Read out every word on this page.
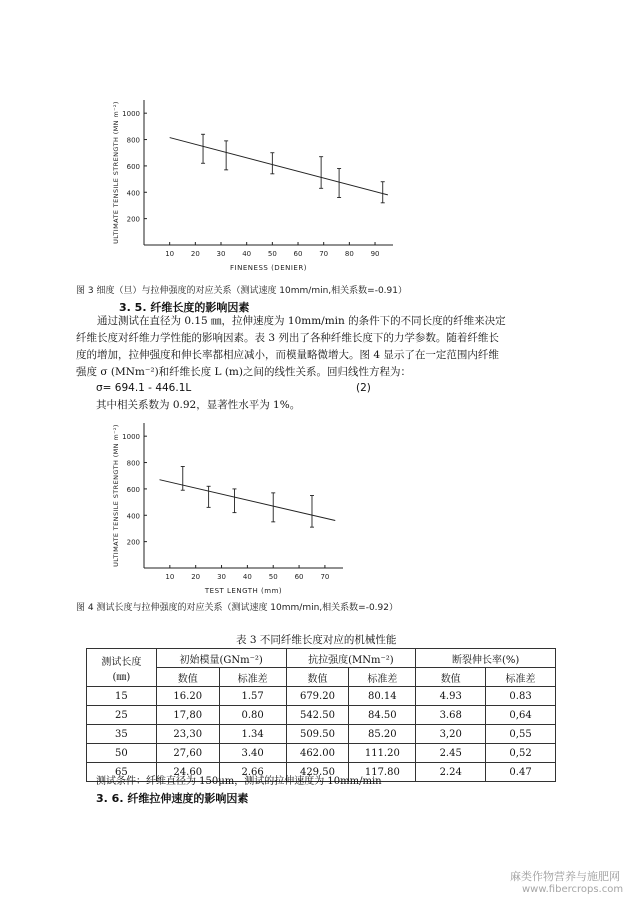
200
400
600
800
1000
10 20 30 40 50 60 70 80 90
FINENESS (DENIER)
ULTIMATE TENSILE STRENGTH (MN m⁻²)
图 3 细度（旦）与拉伸强度的对应关系（测试速度 10mm/min,相关系数=-0.91）
3. 5. 纤维长度的影响因素

通过测试在直径为 0.15 ㎜，拉伸速度为 10mm/min 的条件下的不同长度的纤维来决定

纤维长度对纤维力学性能的影响因素。表 3 列出了各种纤维长度下的力学参数。随着纤维长

度的增加，拉伸强度和伸长率都相应减小，而模量略微增大。图 4 显示了在一定范围内纤维

强度 σ (MNm⁻²)和纤维长度 L (m)之间的线性关系。回归线性方程为：

σ= 694.1 - 446.1L	(2)
其中相关系数为 0.92，显著性水平为 1%。
200
400
600
800
1000
10 20 30 40 50 60 70
TEST LENGTH (mm)
ULTIMATE TENSILE STRENGTH (MN m⁻²)
图 4 测试长度与拉伸强度的对应关系（测试速度 10mm/min,相关系数=-0.92）
表 3 不同纤维长度对应的机械性能
测试长度
(㎜)	初始模量(GNm⁻²)		抗拉强度(MNm⁻²)		断裂伸长率(%)	
	数值	标准差	数值	标准差	数值	标准差
15	16.20	1.57	679.20	80.14	4.93	0.83
25	17,80	0.80	542.50	84.50	3.68	0,64
35	23,30	1.34	509.50	85.20	3,20	0,55
50	27,60	3.40	462.00	111.20	2.45	0,52
65	24.60	2.66	429.50	117.80	2.24	0.47
测试条件：纤维直径为 150μm，测试的拉伸速度为 10mm/min
3. 6. 纤维拉伸速度的影响因素
麻类作物营养与施肥网
www.fibercrops.com
